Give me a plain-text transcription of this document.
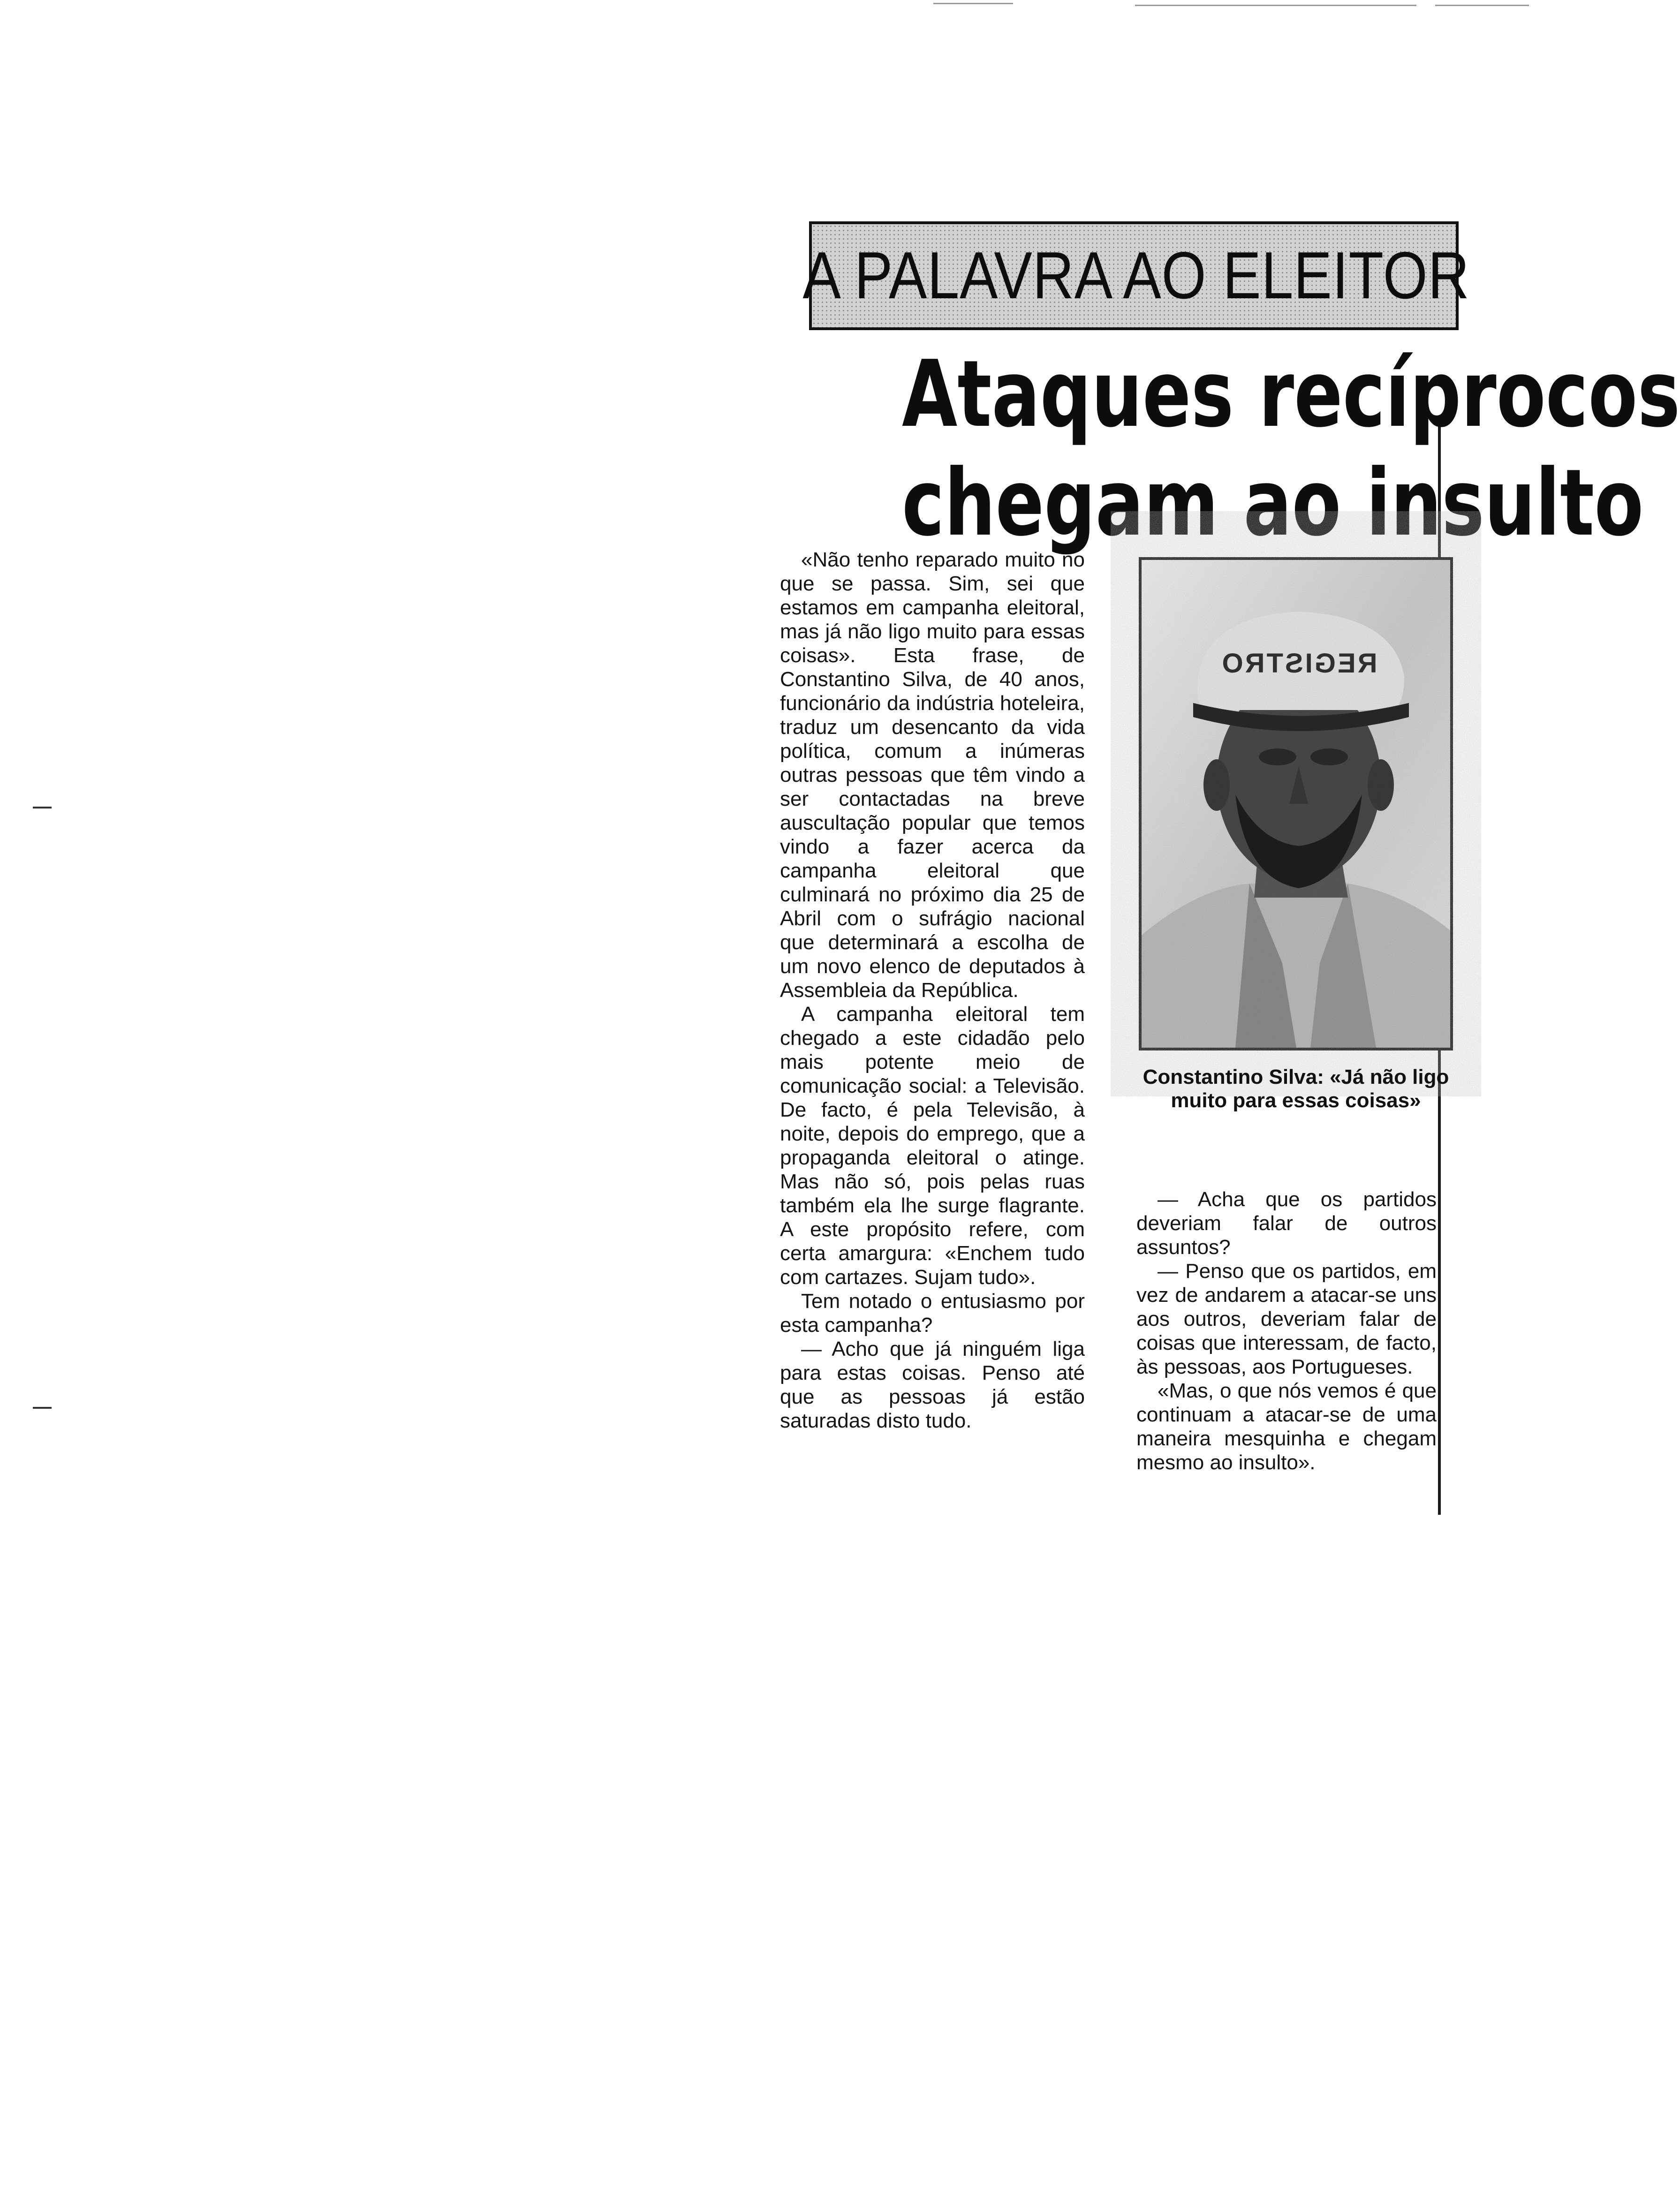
A PALAVRA AO ELEITOR
Ataques recíprocos
chegam ao insulto

«Não tenho reparado muito no que se passa. Sim, sei que estamos em campanha eleitoral, mas já não ligo muito para essas coisas». Esta frase, de Constantino Silva, de 40 anos, funcionário da indústria hoteleira, traduz um desencanto da vida política, comum a inúmeras outras pessoas que têm vindo a ser contactadas na breve auscultação popular que temos vindo a fazer acerca da campanha eleitoral que culminará no próximo dia 25 de Abril com o sufrágio nacional que determinará a escolha de um novo elenco de deputados à Assembleia da República.

A campanha eleitoral tem chegado a este cidadão pelo mais potente meio de comunicação social: a Televisão. De facto, é pela Televisão, à noite, depois do emprego, que a propaganda eleitoral o atinge. Mas não só, pois pelas ruas também ela lhe surge flagrante. A este propósito refere, com certa amargura: «Enchem tudo com cartazes. Sujam tudo».

Tem notado o entusiasmo por esta campanha?

— Acho que já ninguém liga para estas coisas. Penso até que as pessoas já estão saturadas disto tudo.

REGISTRO
Constantino Silva: «Já não ligo muito para essas coisas»

— Acha que os partidos deveriam falar de outros assuntos?

— Penso que os partidos, em vez de andarem a atacar-se uns aos outros, deveriam falar de coisas que interessam, de facto, às pessoas, aos Portugueses.

«Mas, o que nós vemos é que continuam a atacar-se de uma maneira mesquinha e chegam mesmo ao insulto».
